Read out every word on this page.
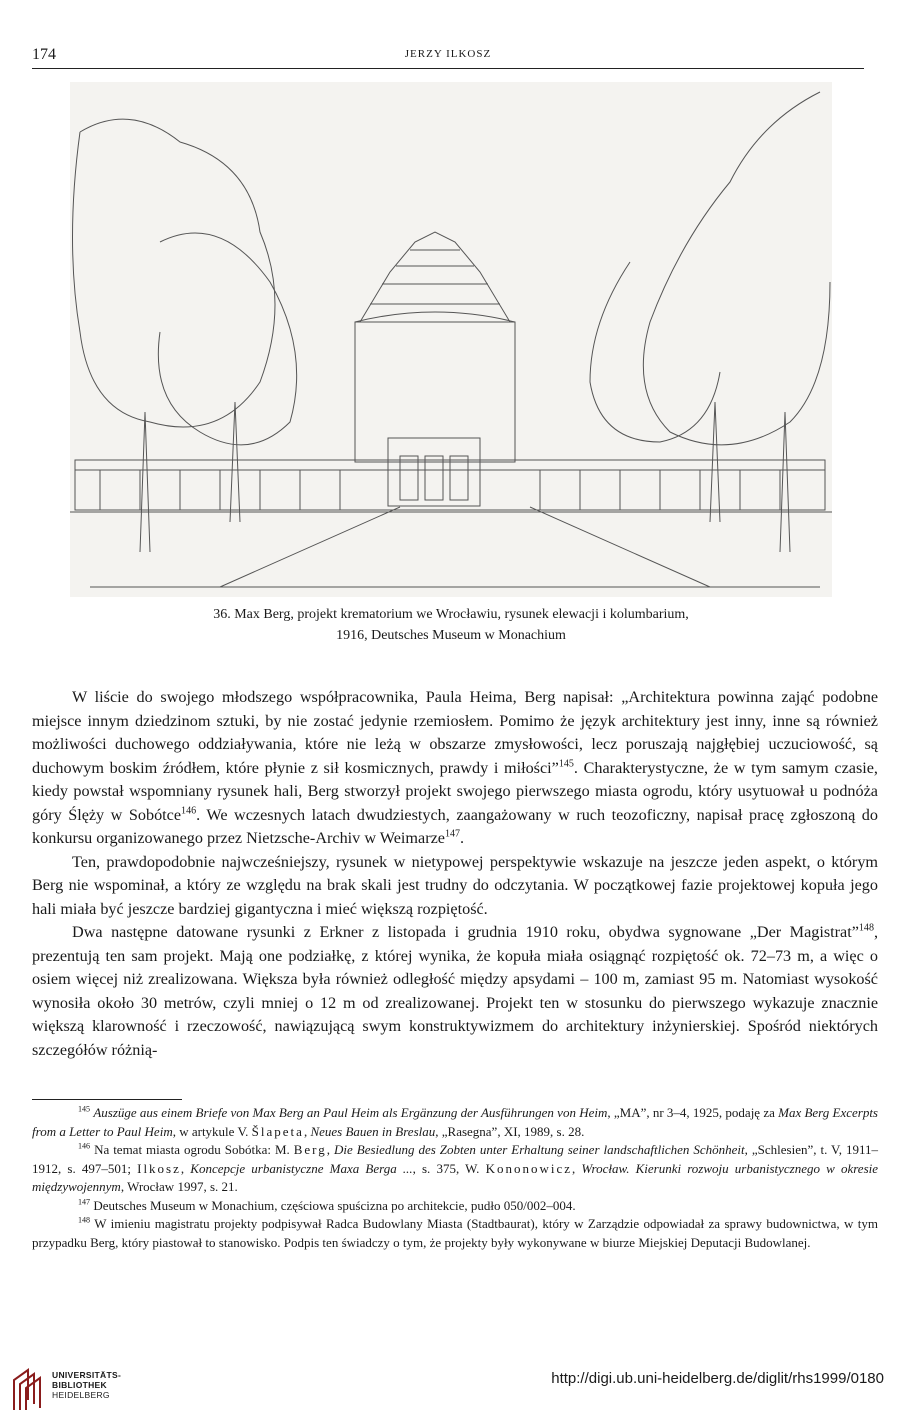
174	JERZY ILKOSZ
36. Max Berg, projekt krematorium we Wrocławiu, rysunek elewacji i kolumbarium,
1916, Deutsches Museum w Monachium

W liście do swojego młodszego współpracownika, Paula Heima, Berg napisał: „Architektura powinna zająć podobne miejsce innym dziedzinom sztuki, by nie zostać jedynie rzemiosłem. Pomimo że język architektury jest inny, inne są również możliwości duchowego oddziaływania, które nie leżą w obszarze zmysłowości, lecz poruszają najgłębiej uczuciowość, są duchowym boskim źródłem, które płynie z sił kosmicznych, prawdy i miłości”$^{145}$. Charakterystyczne, że w tym samym czasie, kiedy powstał wspomniany rysunek hali, Berg stworzył projekt swojego pierwszego miasta ogrodu, który usytuował u podnóża góry Ślęży w Sobótce$^{146}$. We wczesnych latach dwudziestych, zaangażowany w ruch teozoficzny, napisał pracę zgłoszoną do konkursu organizowanego przez Nietzsche-Archiv w Weimarze$^{147}$.

Ten, prawdopodobnie najwcześniejszy, rysunek w nietypowej perspektywie wskazuje na jeszcze jeden aspekt, o którym Berg nie wspominał, a który ze względu na brak skali jest trudny do odczytania. W początkowej fazie projektowej kopuła jego hali miała być jeszcze bardziej gigantyczna i mieć większą rozpiętość.

Dwa następne datowane rysunki z Erkner z listopada i grudnia 1910 roku, obydwa sygnowane „Der Magistrat”$^{148}$, prezentują ten sam projekt. Mają one podziałkę, z której wynika, że kopuła miała osiągnąć rozpiętość ok. 72–73 m, a więc o osiem więcej niż zrealizowana. Większa była również odległość między apsydami – 100 m, zamiast 95 m. Natomiast wysokość wynosiła około 30 metrów, czyli mniej o 12 m od zrealizowanej. Projekt ten w stosunku do pierwszego wykazuje znacznie większą klarowność i rzeczowość, nawiązującą swym konstruktywizmem do architektury inżynierskiej. Spośród niektórych szczegółów różnią-

$^{145}$ Auszüge aus einem Briefe von Max Berg an Paul Heim als Ergänzung der Ausführungen von Heim, „MA”, nr 3–4, 1925, podaję za Max Berg Excerpts from a Letter to Paul Heim, w artykule V. Šlapeta, Neues Bauen in Breslau, „Rasegna”, XI, 1989, s. 28.

$^{146}$ Na temat miasta ogrodu Sobótka: M. Berg, Die Besiedlung des Zobten unter Erhaltung seiner landschaftlichen Schönheit, „Schlesien”, t. V, 1911–1912, s. 497–501; Ilkosz, Koncepcje urbanistyczne Maxa Berga ..., s. 375, W. Kononowicz, Wrocław. Kierunki rozwoju urbanistycznego w okresie międzywojennym, Wrocław 1997, s. 21.

$^{147}$ Deutsches Museum w Monachium, częściowa spuścizna po architekcie, pudło 050/002–004.

$^{148}$ W imieniu magistratu projekty podpisywał Radca Budowlany Miasta (Stadtbaurat), który w Zarządzie odpowiadał za sprawy budownictwa, w tym przypadku Berg, który piastował to stanowisko. Podpis ten świadczy o tym, że projekty były wykonywane w biurze Miejskiej Deputacji Budowlanej.

UNIVERSITÄTS-
BIBLIOTHEK
HEIDELBERG
http://digi.ub.uni-heidelberg.de/diglit/rhs1999/0180
